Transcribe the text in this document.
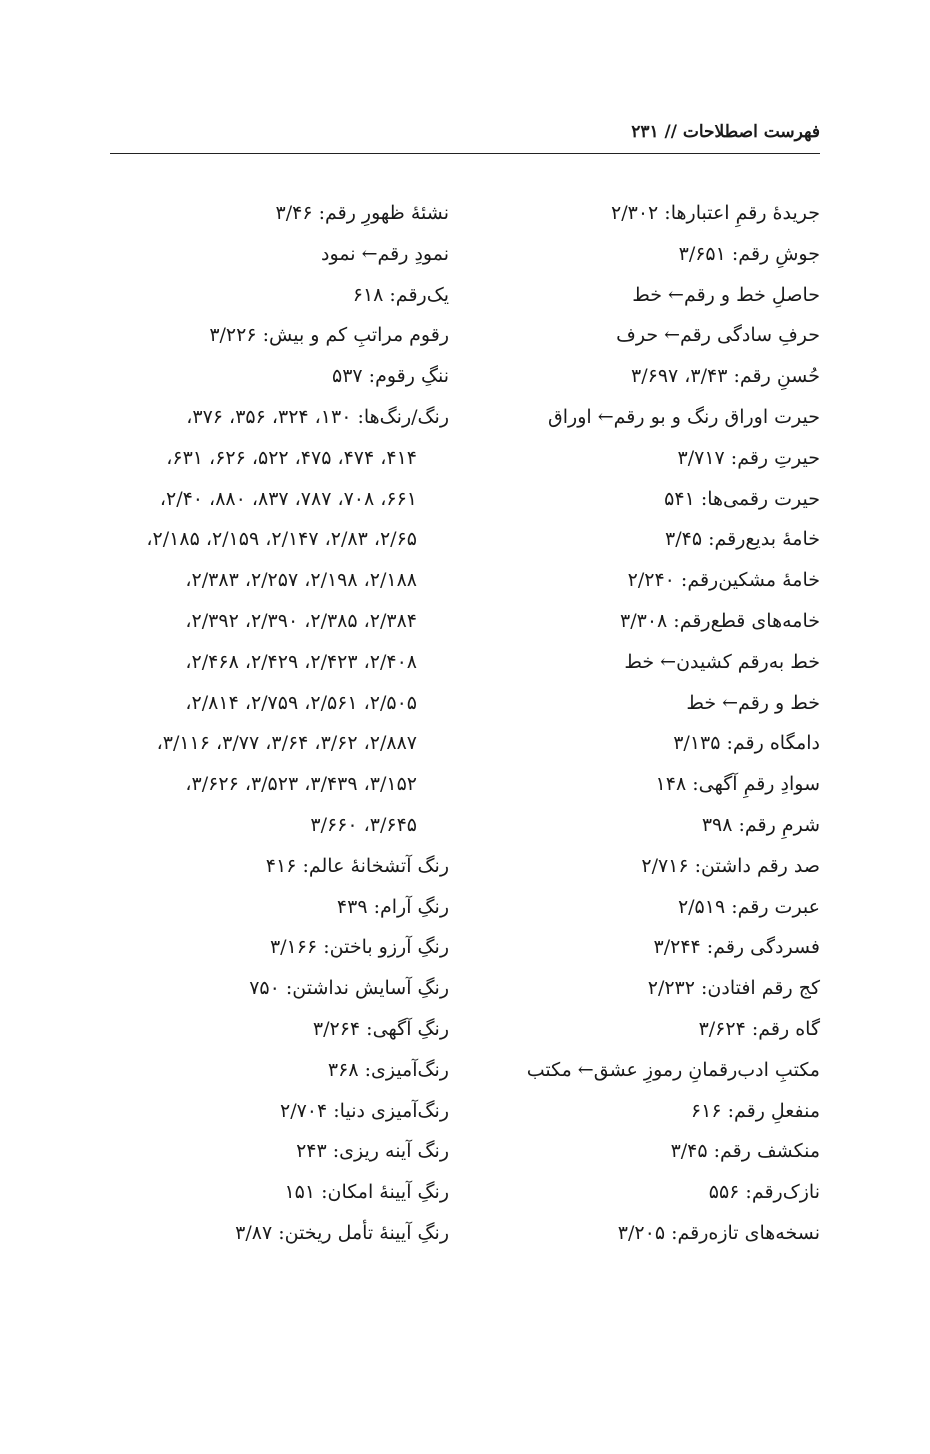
فهرست اصطلاحات // ۲۳۱
جریدهٔ رقمِ اعتبارها: ۲/۳۰۲
جوشِ رقم: ۳/۶۵۱
حاصلِ خط و رقم← خط
حرفِ سادگی رقم← حرف
حُسنِ رقم: ۳/۴۳، ۳/۶۹۷
حیرت اوراق رنگ و بو رقم← اوراق
حیرتِ رقم: ۳/۷۱۷
حیرت رقمی‌ها: ۵۴۱
خامهٔ بدیع‌رقم: ۳/۴۵
خامهٔ مشکین‌رقم: ۲/۲۴۰
خامه‌های قطع‌رقم: ۳/۳۰۸
خط به‌رقم کشیدن← خط
خط و رقم← خط
دامگاه رقم: ۳/۱۳۵
سوادِ رقمِ آگهی: ۱۴۸
شرمِ رقم: ۳۹۸
صد رقم داشتن: ۲/۷۱۶
عبرت رقم: ۲/۵۱۹
فسردگی رقم: ۳/۲۴۴
کج رقم افتادن: ۲/۲۳۲
گاه رقم: ۳/۶۲۴
مکتبِ ادب‌رقمانِ رموزِ عشق← مکتب
منفعلِ رقم: ۶۱۶
منکشف رقم: ۳/۴۵
نازک‌رقم: ۵۵۶
نسخه‌های تازه‌رقم: ۳/۲۰۵
نشئهٔ ظهورِ رقم: ۳/۴۶
نمودِ رقم← نمود
یک‌رقم: ۶۱۸
رقوم مراتبِ کم و بیش: ۳/۲۲۶
ننگِ رقوم: ۵۳۷
رنگ/رنگ‌ها: ۱۳۰، ۳۲۴، ۳۵۶، ۳۷۶،
۴۱۴، ۴۷۴، ۴۷۵، ۵۲۲، ۶۲۶، ۶۳۱،
۶۶۱، ۷۰۸، ۷۸۷، ۸۳۷، ۸۸۰، ۲/۴۰،
۲/۶۵، ۲/۸۳، ۲/۱۴۷، ۲/۱۵۹، ۲/۱۸۵،
۲/۱۸۸، ۲/۱۹۸، ۲/۲۵۷، ۲/۳۸۳،
۲/۳۸۴، ۲/۳۸۵، ۲/۳۹۰، ۲/۳۹۲،
۲/۴۰۸، ۲/۴۲۳، ۲/۴۲۹، ۲/۴۶۸،
۲/۵۰۵، ۲/۵۶۱، ۲/۷۵۹، ۲/۸۱۴،
۲/۸۸۷، ۳/۶۲، ۳/۶۴، ۳/۷۷، ۳/۱۱۶،
۳/۱۵۲، ۳/۴۳۹، ۳/۵۲۳، ۳/۶۲۶،
۳/۶۴۵، ۳/۶۶۰
رنگ آتشخانهٔ عالم: ۴۱۶
رنگِ آرام: ۴۳۹
رنگِ آرزو باختن: ۳/۱۶۶
رنگِ آسایش نداشتن: ۷۵۰
رنگِ آگهی: ۳/۲۶۴
رنگ‌آمیزی: ۳۶۸
رنگ‌آمیزی دنیا: ۲/۷۰۴
رنگ آینه ریزی: ۲۴۳
رنگِ آیینهٔ امکان: ۱۵۱
رنگِ آیینهٔ تأمل ریختن: ۳/۸۷
